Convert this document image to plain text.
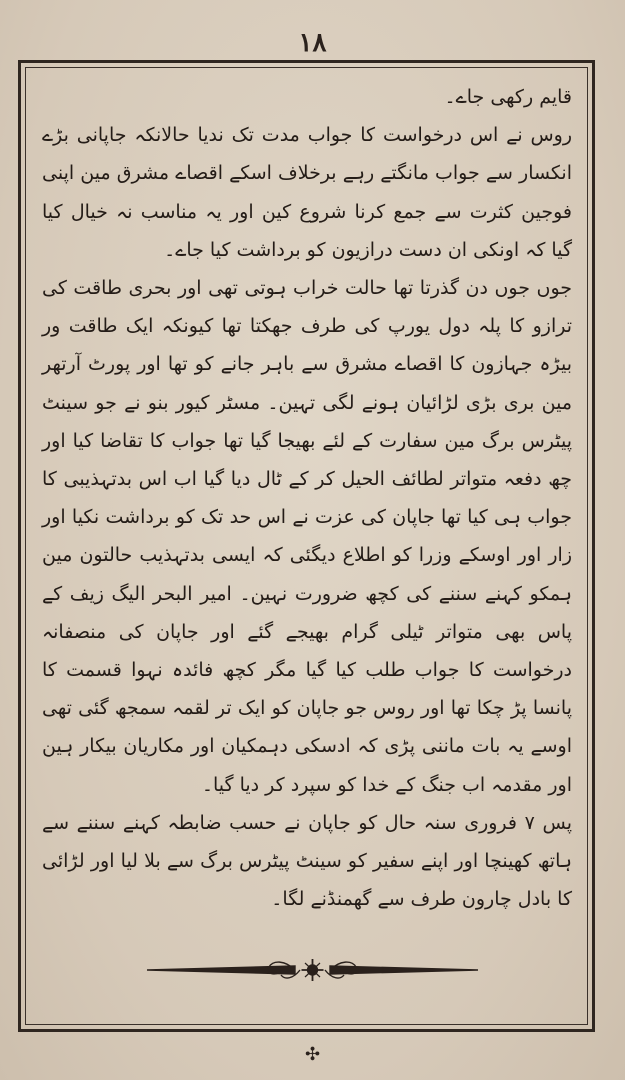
۱۸

قایم رکھی جاے۔

روس نے اس درخواست کا جواب مدت تک ندیا حالانکہ جاپانی بڑے انکسار سے جواب مانگتے رہے برخلاف اسکے اقصاے مشرق مین اپنی فوجین کثرت سے جمع کرنا شروع کین اور یہ مناسب نہ خیال کیا گیا کہ اونکی ان دست درازیون کو برداشت کیا جاے۔

جوں جوں دن گذرتا تھا حالت خراب ہوتی تھی اور بحری طاقت کی ترازو کا پلہ دول یورپ کی طرف جھکتا تھا کیونکہ ایک طاقت ور بیڑہ جہازون کا اقصاے مشرق سے باہر جانے کو تھا اور پورٹ آرتھر مین بری بڑی لڑائیان ہونے لگی تہین۔ مسٹر کیور بنو نے جو سینٹ پیٹرس برگ مین سفارت کے لئے بھیجا گیا تھا جواب کا تقاضا کیا اور چھ دفعہ متواتر لطائف الحیل کر کے ٹال دیا گیا اب اس بدتہذیبی کا جواب ہی کیا تھا جاپان کی عزت نے اس حد تک کو برداشت نکیا اور زار اور اوسکے وزرا کو اطلاع دیگئی کہ ایسی بدتہذیب حالتون مین ہمکو کہنے سننے کی کچھ ضرورت نہین۔ امیر البحر الیگ زیف کے پاس بھی متواتر ٹیلی گرام بھیجے گئے اور جاپان کی منصفانہ درخواست کا جواب طلب کیا گیا مگر کچھ فائدہ نہوا قسمت کا پانسا پڑ چکا تھا اور روس جو جاپان کو ایک تر لقمہ سمجھ گئی تھی اوسے یہ بات ماننی پڑی کہ ادسکی دہمکیان اور مکاریان بیکار ہین اور مقدمہ اب جنگ کے خدا کو سپرد کر دیا گیا۔

پس ۷ فروری سنہ حال کو جاپان نے حسب ضابطہ کہنے سننے سے ہاتھ کھینچا اور اپنے سفیر کو سینٹ پیٹرس برگ سے بلا لیا اور لڑائی کا بادل چارون طرف سے گھمنڈنے لگا۔

✣
